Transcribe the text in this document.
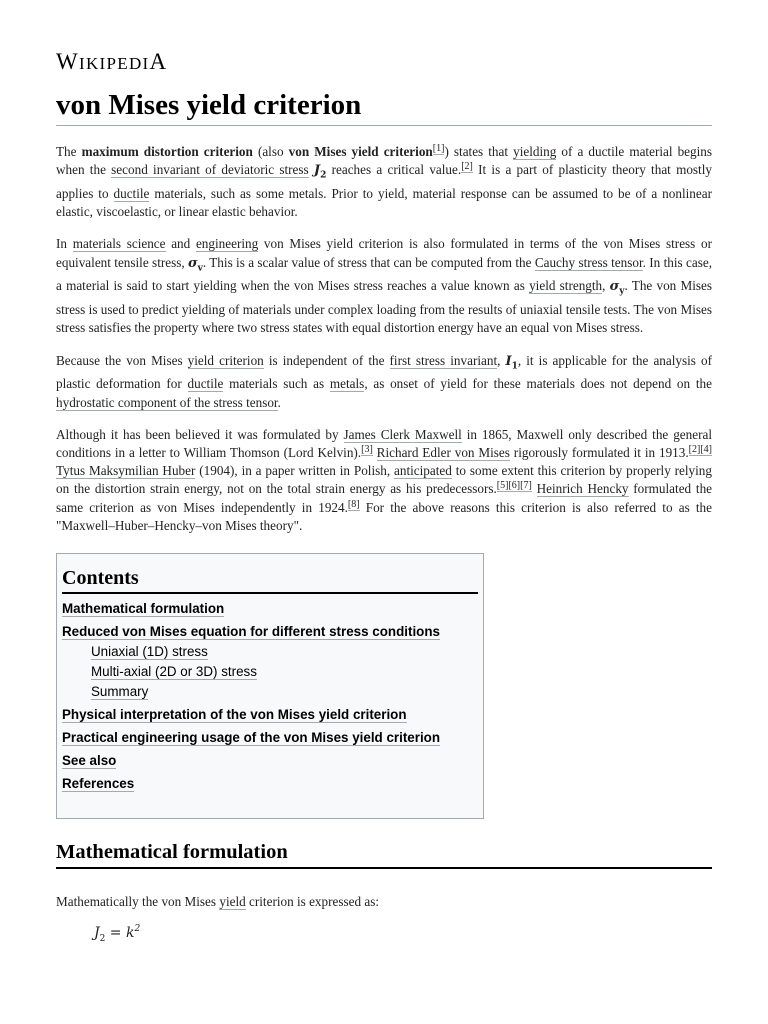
WIKIPEDIA
von Mises yield criterion

The maximum distortion criterion (also von Mises yield criterion[1]) states that yielding of a ductile material begins when the second invariant of deviatoric stress $J_2$ reaches a critical value.[2] It is a part of plasticity theory that mostly applies to ductile materials, such as some metals. Prior to yield, material response can be assumed to be of a nonlinear elastic, viscoelastic, or linear elastic behavior.

In materials science and engineering von Mises yield criterion is also formulated in terms of the von Mises stress or equivalent tensile stress, $\sigma_v$. This is a scalar value of stress that can be computed from the Cauchy stress tensor. In this case, a material is said to start yielding when the von Mises stress reaches a value known as yield strength, $\sigma_y$. The von Mises stress is used to predict yielding of materials under complex loading from the results of uniaxial tensile tests. The von Mises stress satisfies the property where two stress states with equal distortion energy have an equal von Mises stress.

Because the von Mises yield criterion is independent of the first stress invariant, $I_1$, it is applicable for the analysis of plastic deformation for ductile materials such as metals, as onset of yield for these materials does not depend on the hydrostatic component of the stress tensor.

Although it has been believed it was formulated by James Clerk Maxwell in 1865, Maxwell only described the general conditions in a letter to William Thomson (Lord Kelvin).[3] Richard Edler von Mises rigorously formulated it in 1913.[2][4] Tytus Maksymilian Huber (1904), in a paper written in Polish, anticipated to some extent this criterion by properly relying on the distortion strain energy, not on the total strain energy as his predecessors.[5][6][7] Heinrich Hencky formulated the same criterion as von Mises independently in 1924.[8] For the above reasons this criterion is also referred to as the "Maxwell–Huber–Hencky–von Mises theory".

Contents
Mathematical formulation
Reduced von Mises equation for different stress conditions
Uniaxial (1D) stress
Multi-axial (2D or 3D) stress
Summary
Physical interpretation of the von Mises yield criterion
Practical engineering usage of the von Mises yield criterion
See also
References
Mathematical formulation

Mathematically the von Mises yield criterion is expressed as:

$J_2 = k^2$
